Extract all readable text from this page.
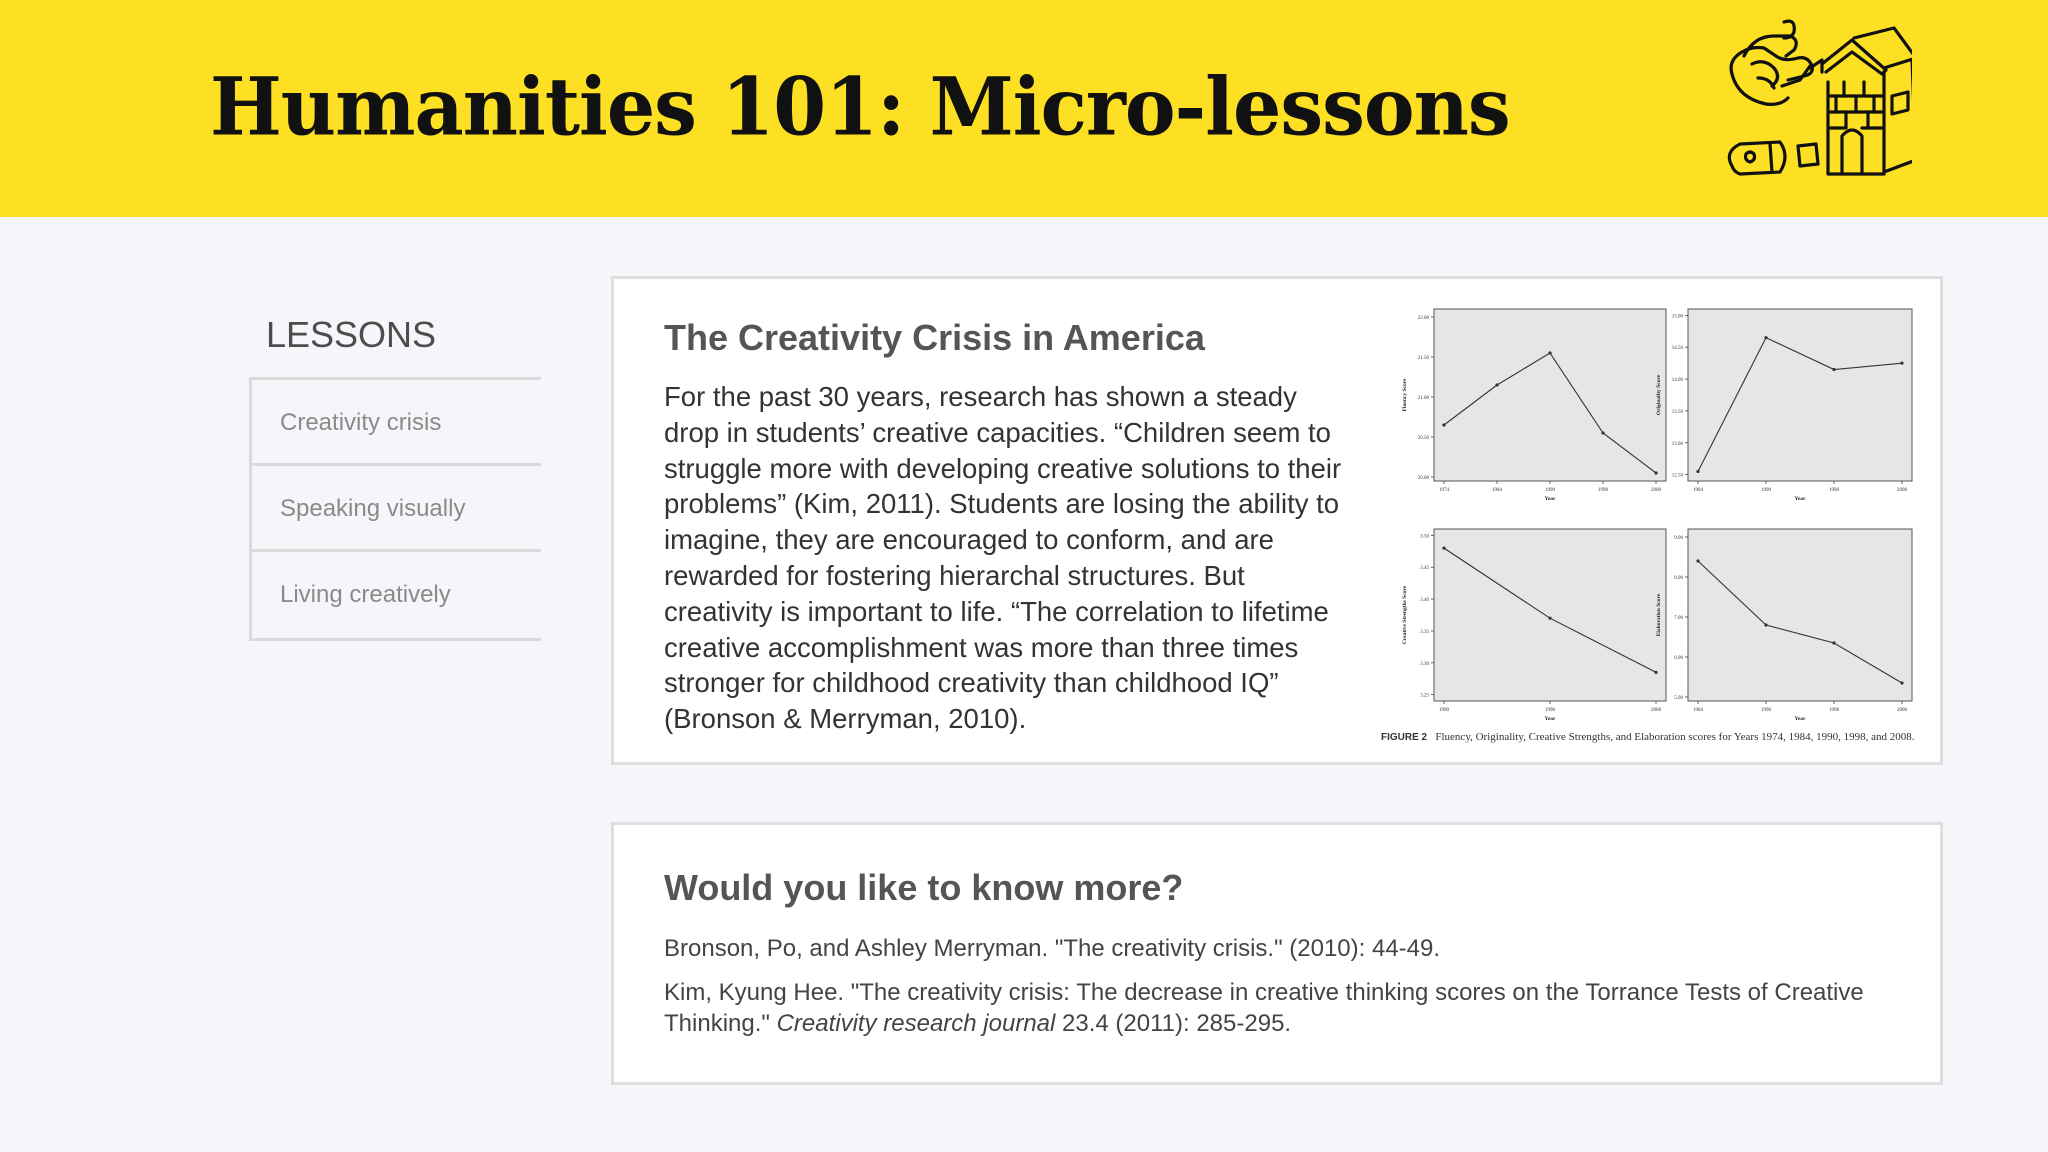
Humanities 101: Micro-lessons
LESSONS
Creativity crisis
Speaking visually
Living creatively
The Creativity Crisis in America
For the past 30 years, research has shown a steady drop in students’ creative capacities. “Children seem to struggle more with developing creative solutions to their problems” (Kim, 2011). Students are losing the ability to imagine, they are encouraged to conform, and are rewarded for fostering hierarchal structures. But creativity is important to life. “The correlation to lifetime creative accomplishment was more than three times stronger for childhood creativity than childhood IQ” (Bronson & Merryman, 2010).
22.00
21.50
21.00
20.50
20.00
1974	1984	1990	1998	2008
Year
Fluency Score
15.00
14.50
14.00
13.50
13.00
12.50
1984	1990	1998	2008
Year
Originality Score
3.50
3.45
3.40
3.35
3.30
3.25
1990	1998	2008
Year
Creative Strengths Score
9.00
8.00
7.00
6.00
5.00
1984	1990	1998	2008
Year
Elaboration Score
FIGURE 2 Fluency, Originality, Creative Strengths, and Elaboration scores for Years 1974, 1984, 1990, 1998, and 2008.
Would you like to know more?
Bronson, Po, and Ashley Merryman. "The creativity crisis." (2010): 44-49.
Kim, Kyung Hee. "The creativity crisis: The decrease in creative thinking scores on the Torrance Tests of Creative Thinking." Creativity research journal 23.4 (2011): 285-295.
